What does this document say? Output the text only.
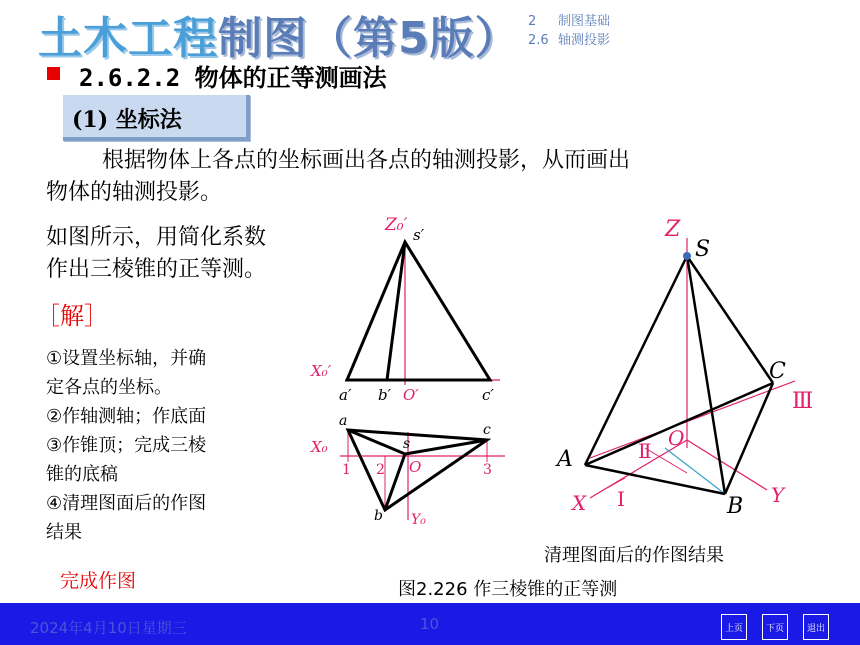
土木工程制图（第5版） 2 制图基础
2.6 轴测投影
2.6.2.2 物体的正等测画法
(1) 坐标法
根据物体上各点的坐标画出各点的轴测投影，从而画出
物体的轴测投影。
如图所示，用简化系数
作出三棱锥的正等测。
［解］
①设置坐标轴，并确
定各点的坐标。
②作轴测轴；作底面
③作锥顶；完成三棱
锥的底稿
④清理图面后的作图
结果
完成作图
Z₀′ s′
X₀′
a′ b′ O′	c′
a
c
X₀	s
1 2 O	3
b Y₀
Z
S
C
Ⅲ
Ⅱ
O
A
X Ⅰ	B Y
清理图面后的作图结果
图2.226 作三棱锥的正等测
2024年4月10日星期三	10	上页	下页	退出
